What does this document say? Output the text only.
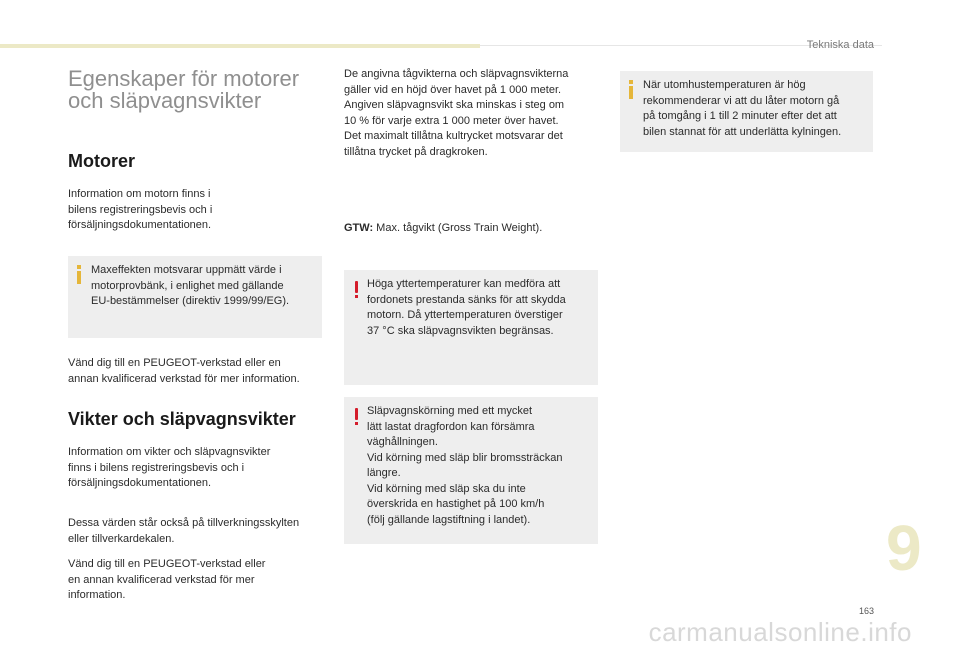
Tekniska data
Egenskaper för motorer
och släpvagnsvikter
Motorer

Information om motorn finns i
bilens registreringsbevis och i
försäljningsdokumentationen.

Maxeffekten motsvarar uppmätt värde i
motorprovbänk, i enlighet med gällande
EU-bestämmelser (direktiv 1999/99/EG).

Vänd dig till en PEUGEOT-verkstad eller en
annan kvalificerad verkstad för mer information.

Vikter och släpvagnsvikter

Information om vikter och släpvagnsvikter
finns i bilens registreringsbevis och i
försäljningsdokumentationen.

Dessa värden står också på tillverkningsskylten
eller tillverkardekalen.

Vänd dig till en PEUGEOT-verkstad eller
en annan kvalificerad verkstad för mer
information.

De angivna tågvikterna och släpvagnsvikterna
gäller vid en höjd över havet på 1 000 meter.
Angiven släpvagnsvikt ska minskas i steg om
10 % för varje extra 1 000 meter över havet.
Det maximalt tillåtna kultrycket motsvarar det
tillåtna trycket på dragkroken.

GTW: Max. tågvikt (Gross Train Weight).

Höga yttertemperaturer kan medföra att
fordonets prestanda sänks för att skydda
motorn. Då yttertemperaturen överstiger
37 °C ska släpvagnsvikten begränsas.

Släpvagnskörning med ett mycket
lätt lastat dragfordon kan försämra
väghållningen.
Vid körning med släp blir bromssträckan
längre.
Vid körning med släp ska du inte
överskrida en hastighet på 100 km/h
(följ gällande lagstiftning i landet).

När utomhustemperaturen är hög
rekommenderar vi att du låter motorn gå
på tomgång i 1 till 2 minuter efter det att
bilen stannat för att underlätta kylningen.

9
163
carmanualsonline.info
